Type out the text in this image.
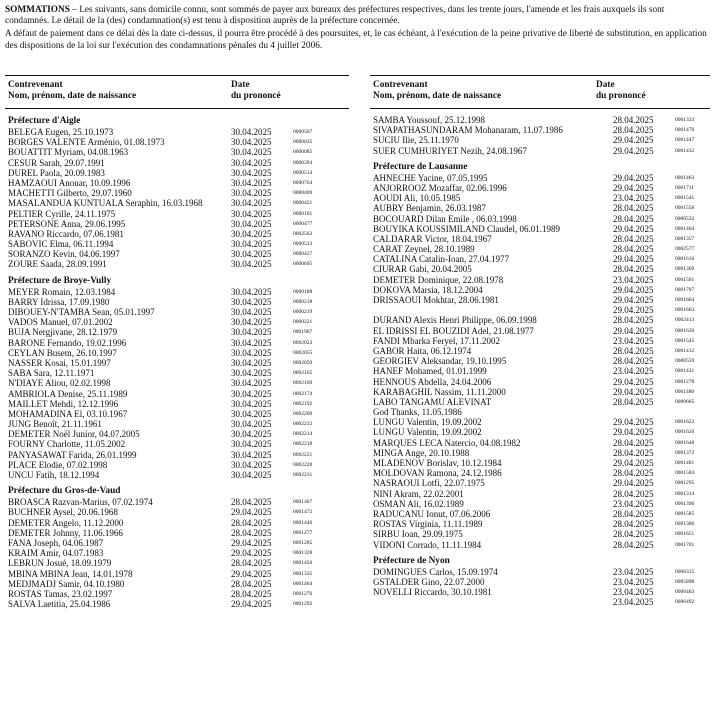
SOMMATIONS – Les suivants, sans domicile connu, sont sommés de payer aux bureaux des préfectures respectives, dans les trente jours, l'amende et les frais auxquels ils sont condamnés. Le détail de la (des) condamnation(s) est tenu à disposition auprès de la préfecture concernée.

A défaut de paiement dans ce délai dès la date ci-dessus, il pourra être procédé à des poursuites, et, le cas échéant, à l'exécution de la peine privative de liberté de substitution, en application des dispositions de la loi sur l'exécution des condamnations pénales du 4 juillet 2006.

Contrevenant
Nom, prénom, date de naissance
Date
du prononcé
Préfecture d'Aigle
BELEGA Eugen, 25.10.1973	30.04.2025	0000567
BORGES VALENTE Arménio, 01.08.1973	30.04.2025	0000035
BOUATTIT Myriam, 04.08.1963	30.04.2025	0000085
CESUR Sarah, 29.07.1991	30.04.2025	0000394
DUREL Paola, 20.09.1983	30.04.2025	0000514
HAMZAOUI Anouar, 10.09.1996	30.04.2025	0000764
MACHETTI Gilberto, 29.07.1960	30.04.2025	0000409
MASALANDUA KUNTUALA Seraphin, 16.03.1968	30.04.2025	0000421
PELTIER Cyrille, 24.11.1975	30.04.2025	0000101
PETERSONE Anna, 29.06.1995	30.04.2025	0000477
RAVANO Riccardo, 07.06.1981	30.04.2025	0002562
SABOVIC Elma, 06.11.1994	30.04.2025	0000513
SORANZO Kevin, 04.06.1997	30.04.2025	0000427
ZOURE Saada, 28.09.1991	30.04.2025	0000695
Préfecture de Broye-Vully
MEYER Romain, 12.03.1984	30.04.2025	0000188
BARRY Idrissa, 17.09.1980	30.04.2025	0000218
DIBOUEY-N'TAMBA Sean, 05.01.1997	30.04.2025	0000219
VADOS Manuel, 07.01.2002	30.04.2025	0000221
BUJA Nergjivane, 28.12.1979	30.04.2025	0001967
BARONE Fernando, 19.02.1996	30.04.2025	0002023
CEYLAN Busem, 26.10.1997	30.04.2025	0002055
NASSER Kosai, 15.01.1997	30.04.2025	0002059
SABA Sara, 12.11.1971	30.04.2025	0002165
N'DIAYE Aliou, 02.02.1998	30.04.2025	0002169
AMBRIOLA Denise, 25.11.1989	30.04.2025	0002174
MAILLET Mehdi, 12.12.1996	30.04.2025	0002192
MOHAMADINA El, 03.10.1967	30.04.2025	0002209
JUNG Benoît, 21.11.1961	30.04.2025	0002212
DEMETER Noël Junior, 04.07.2005	30.04.2025	0002214
FOURNY Charlotte, 11.05.2002	30.04.2025	0002218
PANYASAWAT Farida, 26.01.1999	30.04.2025	0002221
PLACE Elodie, 07.02.1998	30.04.2025	0002228
UNCU Fatih, 18.12.1994	30.04.2025	0002231
Préfecture du Gros-de-Vaud
BROASCA Razvan-Marius, 07.02.1974	28.04.2025	0001467
BUCHNER Aysel, 20.06.1968	29.04.2025	0001472
DEMETER Angelo, 11.12.2000	28.04.2025	0001446
DEMETER Johnny, 11.06.1966	28.04.2025	0001277
FANA Joseph, 04.06.1987	29.04.2025	0001285
KRAIM Amir, 04.07.1983	29.04.2025	0001328
LEBRUN Josué, 18.09.1979	28.04.2025	0001450
MBINA MBINA Jean, 14.01.1978	29.04.2025	0001335
MEDJMADJ Samir, 04.10.1980	28.04.2025	0001464
ROSTAS Tamas, 23.02.1997	28.04.2025	0001276
SALVA Laetitia, 25.04.1986	29.04.2025	0001292
Contrevenant
Nom, prénom, date de naissance
Date
du prononcé
SAMBA Youssouf, 25.12.1998	28.04.2025	0001333
SIVAPATHASUNDARAM Mohanaram, 11.07.1986	28.04.2025	0001470
SUCIU Ilie, 25.11.1970	29.04.2025	0001447
SUER CUMHURIYET Nezih, 24.08.1967	29.04.2025	0001432
Préfecture de Lausanne
AHNECHE Yacine, 07.05.1995	29.04.2025	0001463
ANJORROOZ Mozaffar, 02.06.1996	29.04.2025	0001711
AOUDI Ali, 10.05.1985	23.04.2025	0001541
AUBRY Benjamin, 26.03.1987	28.04.2025	0001558
BOCOUARD Dilan Emile , 06.03.1998	28.04.2025	0000532
BOUYIKA KOUSSIMILAND Claudel, 06.01.1989	29.04.2025	0001464
CALDARAR Victor, 18.04.1967	28.04.2025	0001357
CARAT Zeynel, 28.10.1989	28.04.2025	0002577
CATALINA Catalin-Ioan, 27.04.1977	29.04.2025	0001616
CIURAR Gabi, 20.04.2005	28.04.2025	0001369
DEMETER Dominique, 22.08.1978	23.04.2025	0001501
DOKOVA Marsia, 18.12.2004	29.04.2025	0001707
DRISSAOUI Mokhtar, 28.06.1981	29.04.2025	0001664
29.04.2025	0001663
DURAND Alexis Henri Philippe, 06.09.1998	28.04.2025	0002413
EL IDRISSI EL BOUZIDI Adel, 21.08.1977	29.04.2025	0001636
FANDI Mbarka Feryel, 17.11.2002	23.04.2025	0001545
GABOR Haita, 06.12.1974	28.04.2025	0001412
GEORGIEV Aleksandar, 19.10.1995	28.04.2025	0000559
HANEF Mohamed, 01.01.1999	23.04.2025	0001431
HENNOUS Abdella, 24.04.2006	29.04.2025	0001278
KARABAGHIL Nassim, 11.11.2000	29.04.2025	0001480
LABO TANGAMU ALEVINAT
God Thanks, 11.05.1986
28.04.2025	0000665
LUNGU Valentin, 19.09.2002	29.04.2025	0001622
LUNGU Valentin, 19.09.2002	29.04.2025	0001620
MARQUES LECA Natercio, 04.08.1982	28.04.2025	0001648
MINGA Ange, 20.10.1988	28.04.2025	0001372
MLADENOV Borislav, 10.12.1984	29.04.2025	0001481
MOLDOVAN Ramona, 24.12.1986	28.04.2025	0001584
NASRAOUI Lotfi, 22.07.1975	29.04.2025	0001295
NINI Akram, 22.02.2001	28.04.2025	0001314
OSMAN Ali, 16.02.1989	23.04.2025	0001396
RADUCANU Ionut, 07.06.2006	28.04.2025	0001585
ROSTAS Virginia, 11.11.1989	28.04.2025	0001386
SIRBU Ioan, 29.09.1975	28.04.2025	0001651
VIDONI Corrado, 11.11.1984	28.04.2025	0001701
Préfecture de Nyon
DOMINGUES Carlos, 15.09.1974	23.04.2025	0006315
GSTALDER Gino, 22.07.2000	23.04.2025	0005898
NOVELLI Riccardo, 30.10.1981	23.04.2025	0006463
23.04.2025	0006492
